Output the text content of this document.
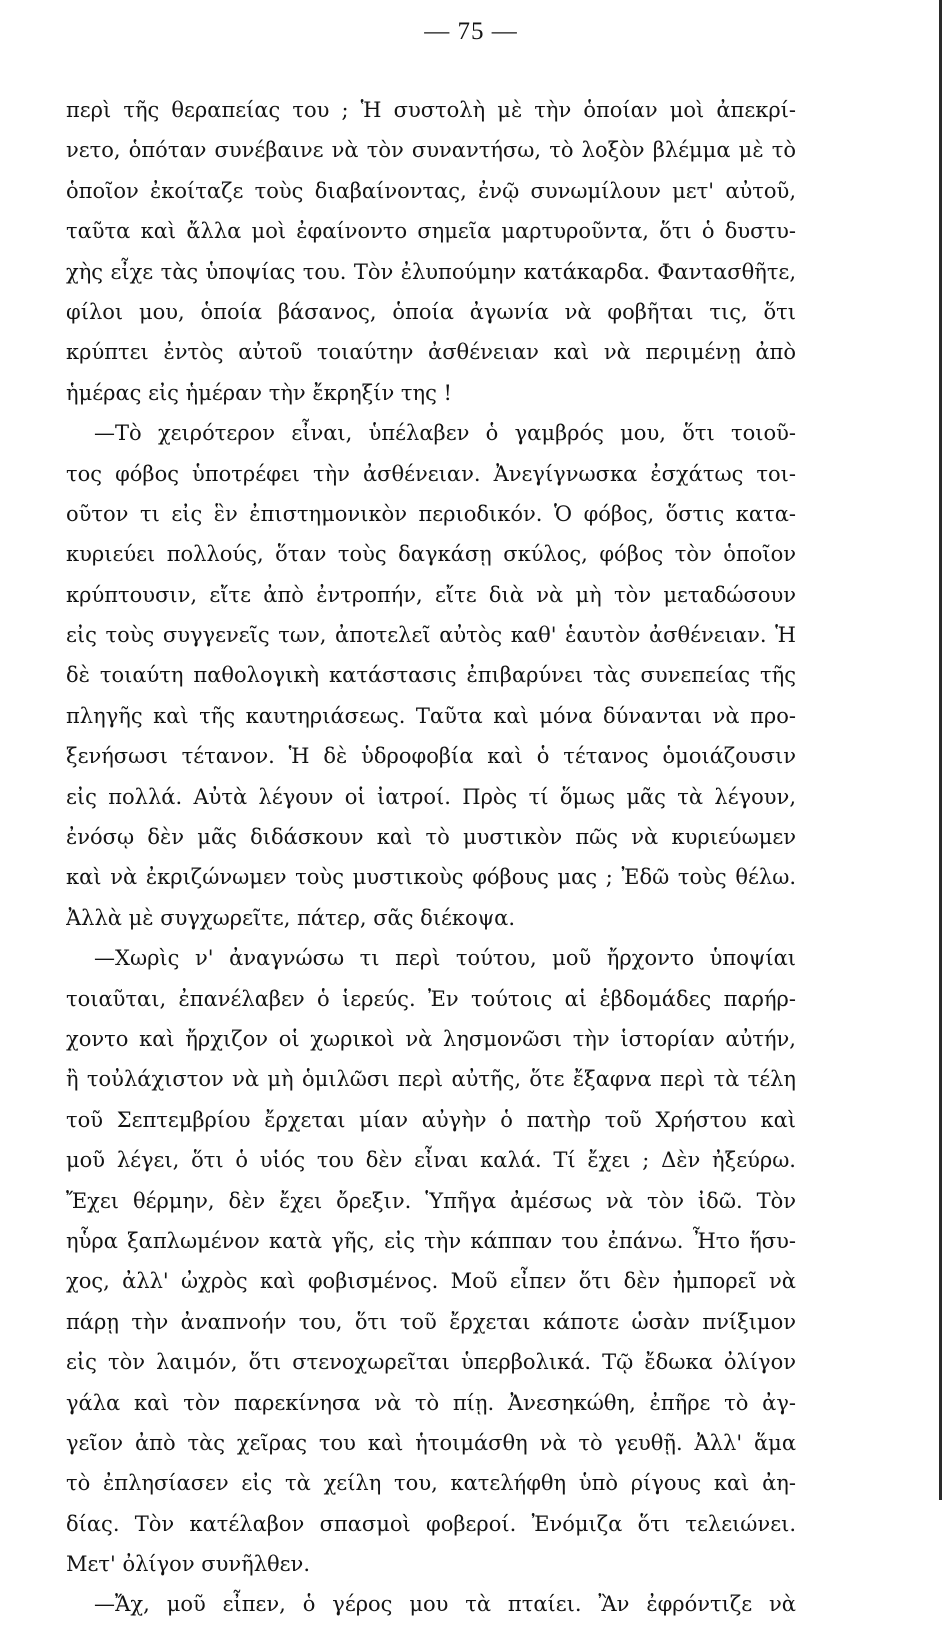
— 75 —
περὶ τῆς θεραπείας του ; Ἡ συστολὴ μὲ τὴν ὁποίαν μοὶ ἀπεκρί-
νετο, ὁπόταν συνέβαινε νὰ τὸν συναντήσω, τὸ λοξὸν βλέμμα μὲ τὸ
ὁποῖον ἐκοίταζε τοὺς διαβαίνοντας, ἐνῷ συνωμίλουν μετ' αὐτοῦ,
ταῦτα καὶ ἄλλα μοὶ ἐφαίνοντο σημεῖα μαρτυροῦντα, ὅτι ὁ δυστυ-
χὴς εἶχε τὰς ὑποψίας του. Τὸν ἐλυπούμην κατάκαρδα. Φαντασθῆτε,
φίλοι μου, ὁποία βάσανος, ὁποία ἀγωνία νὰ φοβῆται τις, ὅτι
κρύπτει ἐντὸς αὐτοῦ τοιαύτην ἀσθένειαν καὶ νὰ περιμένῃ ἀπὸ
ἡμέρας εἰς ἡμέραν τὴν ἔκρηξίν της !
—Τὸ χειρότερον εἶναι, ὑπέλαβεν ὁ γαμβρός μου, ὅτι τοιοῦ-
τος φόβος ὑποτρέφει τὴν ἀσθένειαν. Ἀνεγίγνωσκα ἐσχάτως τοι-
οῦτον τι εἰς ἓν ἐπιστημονικὸν περιοδικόν. Ὁ φόβος, ὅστις κατα-
κυριεύει πολλούς, ὅταν τοὺς δαγκάσῃ σκύλος, φόβος τὸν ὁποῖον
κρύπτουσιν, εἴτε ἀπὸ ἐντροπήν, εἴτε διὰ νὰ μὴ τὸν μεταδώσουν
εἰς τοὺς συγγενεῖς των, ἀποτελεῖ αὐτὸς καθ' ἑαυτὸν ἀσθένειαν. Ἡ
δὲ τοιαύτη παθολογικὴ κατάστασις ἐπιβαρύνει τὰς συνεπείας τῆς
πληγῆς καὶ τῆς καυτηριάσεως. Ταῦτα καὶ μόνα δύνανται νὰ προ-
ξενήσωσι τέτανον. Ἡ δὲ ὑδροφοβία καὶ ὁ τέτανος ὁμοιάζουσιν
εἰς πολλά. Αὐτὰ λέγουν οἱ ἰατροί. Πρὸς τί ὅμως μᾶς τὰ λέγουν,
ἐνόσῳ δὲν μᾶς διδάσκουν καὶ τὸ μυστικὸν πῶς νὰ κυριεύωμεν
καὶ νὰ ἐκριζώνωμεν τοὺς μυστικοὺς φόβους μας ; Ἐδῶ τοὺς θέλω.
Ἀλλὰ μὲ συγχωρεῖτε, πάτερ, σᾶς διέκοψα.
—Χωρὶς ν' ἀναγνώσω τι περὶ τούτου, μοῦ ἤρχοντο ὑποψίαι
τοιαῦται, ἐπανέλαβεν ὁ ἱερεύς. Ἐν τούτοις αἱ ἑβδομάδες παρήρ-
χοντο καὶ ἤρχιζον οἱ χωρικοὶ νὰ λησμονῶσι τὴν ἱστορίαν αὐτήν,
ἢ τοὐλάχιστον νὰ μὴ ὁμιλῶσι περὶ αὐτῆς, ὅτε ἔξαφνα περὶ τὰ τέλη
τοῦ Σεπτεμβρίου ἔρχεται μίαν αὐγὴν ὁ πατὴρ τοῦ Χρήστου καὶ
μοῦ λέγει, ὅτι ὁ υἱός του δὲν εἶναι καλά. Τί ἔχει ; Δὲν ἠξεύρω.
Ἔχει θέρμην, δὲν ἔχει ὄρεξιν. Ὑπῆγα ἀμέσως νὰ τὸν ἰδῶ. Τὸν
ηὗρα ξαπλωμένον κατὰ γῆς, εἰς τὴν κάππαν του ἐπάνω. Ἦτο ἥσυ-
χος, ἀλλ' ὠχρὸς καὶ φοβισμένος. Μοῦ εἶπεν ὅτι δὲν ἠμπορεῖ νὰ
πάρῃ τὴν ἀναπνοήν του, ὅτι τοῦ ἔρχεται κάποτε ὡσὰν πνίξιμον
εἰς τὸν λαιμόν, ὅτι στενοχωρεῖται ὑπερβολικά. Τῷ ἔδωκα ὀλίγον
γάλα καὶ τὸν παρεκίνησα νὰ τὸ πίῃ. Ἀνεσηκώθη, ἐπῆρε τὸ ἀγ-
γεῖον ἀπὸ τὰς χεῖρας του καὶ ἡτοιμάσθη νὰ τὸ γευθῇ. Ἀλλ' ἅμα
τὸ ἐπλησίασεν εἰς τὰ χείλη του, κατελήφθη ὑπὸ ρίγους καὶ ἀη-
δίας. Τὸν κατέλαβον σπασμοὶ φοβεροί. Ἐνόμιζα ὅτι τελειώνει.
Μετ' ὀλίγον συνῆλθεν.
—Ἄχ, μοῦ εἶπεν, ὁ γέρος μου τὰ πταίει. Ἂν ἐφρόντιζε νὰ
